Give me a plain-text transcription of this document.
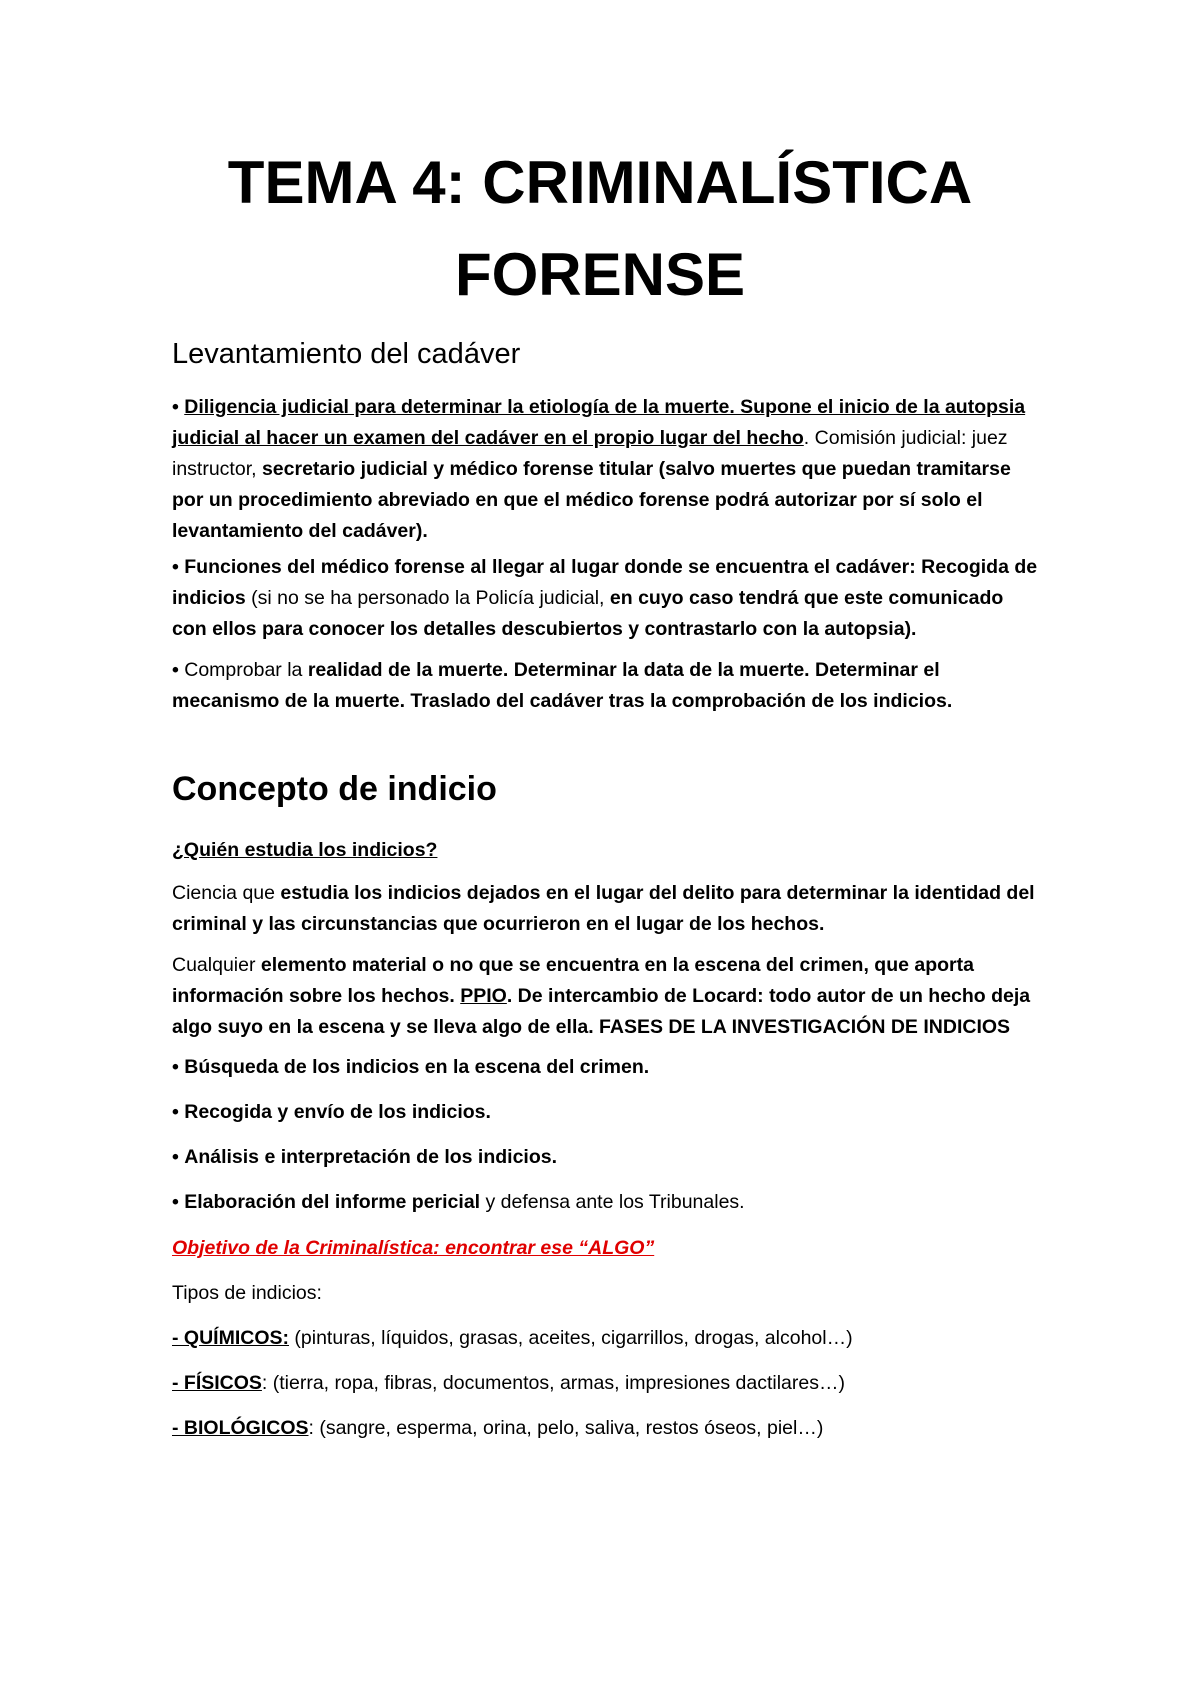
TEMA 4: CRIMINALÍSTICA
FORENSE
Levantamiento del cadáver

• Diligencia judicial para determinar la etiología de la muerte. Supone el inicio de la autopsia judicial al hacer un examen del cadáver en el propio lugar del hecho. Comisión judicial: juez instructor, secretario judicial y médico forense titular (salvo muertes que puedan tramitarse por un procedimiento abreviado en que el médico forense podrá autorizar por sí solo el levantamiento del cadáver).

• Funciones del médico forense al llegar al lugar donde se encuentra el cadáver: Recogida de indicios (si no se ha personado la Policía judicial, en cuyo caso tendrá que este comunicado con ellos para conocer los detalles descubiertos y contrastarlo con la autopsia).

• Comprobar la realidad de la muerte. Determinar la data de la muerte. Determinar el mecanismo de la muerte. Traslado del cadáver tras la comprobación de los indicios.

Concepto de indicio

¿Quién estudia los indicios?

Ciencia que estudia los indicios dejados en el lugar del delito para determinar la identidad del criminal y las circunstancias que ocurrieron en el lugar de los hechos.

Cualquier elemento material o no que se encuentra en la escena del crimen, que aporta información sobre los hechos. PPIO. De intercambio de Locard: todo autor de un hecho deja algo suyo en la escena y se lleva algo de ella. FASES DE LA INVESTIGACIÓN DE INDICIOS

• Búsqueda de los indicios en la escena del crimen.

• Recogida y envío de los indicios.

• Análisis e interpretación de los indicios.

• Elaboración del informe pericial y defensa ante los Tribunales.

Objetivo de la Criminalística: encontrar ese “ALGO”

Tipos de indicios:

- QUÍMICOS: (pinturas, líquidos, grasas, aceites, cigarrillos, drogas, alcohol…)

- FÍSICOS: (tierra, ropa, fibras, documentos, armas, impresiones dactilares…)

- BIOLÓGICOS: (sangre, esperma, orina, pelo, saliva, restos óseos, piel…)
